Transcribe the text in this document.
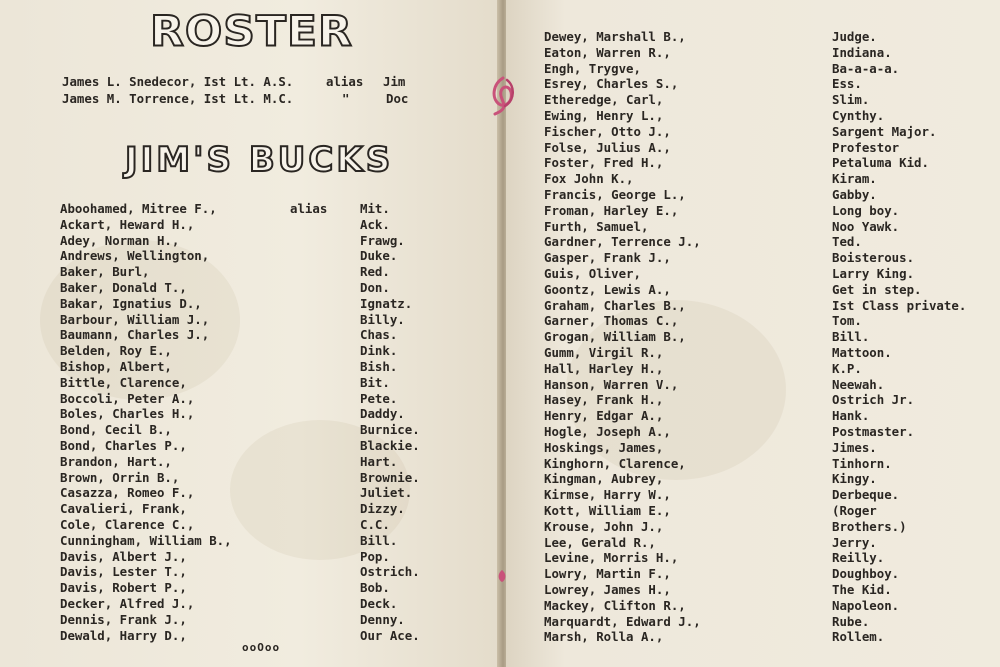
ROSTER
James L. Snedecor, Ist Lt. A.S.	alias Jim
James M. Torrence, Ist Lt. M.C.	"	Doc
JIM'S BUCKS
alias
Aboohamed, Mitree F.,	Mit.
Ackart, Heward H.,	Ack.
Adey, Norman H.,	Frawg.
Andrews, Wellington,	Duke.
Baker, Burl,	Red.
Baker, Donald T.,	Don.
Bakar, Ignatius D.,	Ignatz.
Barbour, William J.,	Billy.
Baumann, Charles J.,	Chas.
Belden, Roy E.,	Dink.
Bishop, Albert,	Bish.
Bittle, Clarence,	Bit.
Boccoli, Peter A.,	Pete.
Boles, Charles H.,	Daddy.
Bond, Cecil B.,	Burnice.
Bond, Charles P.,	Blackie.
Brandon, Hart.,	Hart.
Brown, Orrin B.,	Brownie.
Casazza, Romeo F.,	Juliet.
Cavalieri, Frank,	Dizzy.
Cole, Clarence C.,	C.C.
Cunningham, William B.,	Bill.
Davis, Albert J.,	Pop.
Davis, Lester T.,	Ostrich.
Davis, Robert P.,	Bob.
Decker, Alfred J.,	Deck.
Dennis, Frank J.,	Denny.
Dewald, Harry D.,	Our Ace.
ooOoo
Dewey, Marshall B.,	Judge.
Eaton, Warren R.,	Indiana.
Engh, Trygve,	Ba-a-a-a.
Esrey, Charles S.,	Ess.
Etheredge, Carl,	Slim.
Ewing, Henry L.,	Cynthy.
Fischer, Otto J.,	Sargent Major.
Folse, Julius A.,	Profestor
Foster, Fred H.,	Petaluma Kid.
Fox John K.,	Kiram.
Francis, George L.,	Gabby.
Froman, Harley E.,	Long boy.
Furth, Samuel,	Noo Yawk.
Gardner, Terrence J.,	Ted.
Gasper, Frank J.,	Boisterous.
Guis, Oliver,	Larry King.
Goontz, Lewis A.,	Get in step.
Graham, Charles B.,	Ist Class private.
Garner, Thomas C.,	Tom.
Grogan, William B.,	Bill.
Gumm, Virgil R.,	Mattoon.
Hall, Harley H.,	K.P.
Hanson, Warren V.,	Neewah.
Hasey, Frank H.,	Ostrich Jr.
Henry, Edgar A.,	Hank.
Hogle, Joseph A.,	Postmaster.
Hoskings, James,	Jimes.
Kinghorn, Clarence,	Tinhorn.
Kingman, Aubrey,	Kingy.
Kirmse, Harry W.,	Derbeque.
Kott, William E.,	(Roger
Krouse, John J.,	Brothers.)
Lee, Gerald R.,	Jerry.
Levine, Morris H.,	Reilly.
Lowry, Martin F.,	Doughboy.
Lowrey, James H.,	The Kid.
Mackey, Clifton R.,	Napoleon.
Marquardt, Edward J.,	Rube.
Marsh, Rolla A.,	Rollem.
